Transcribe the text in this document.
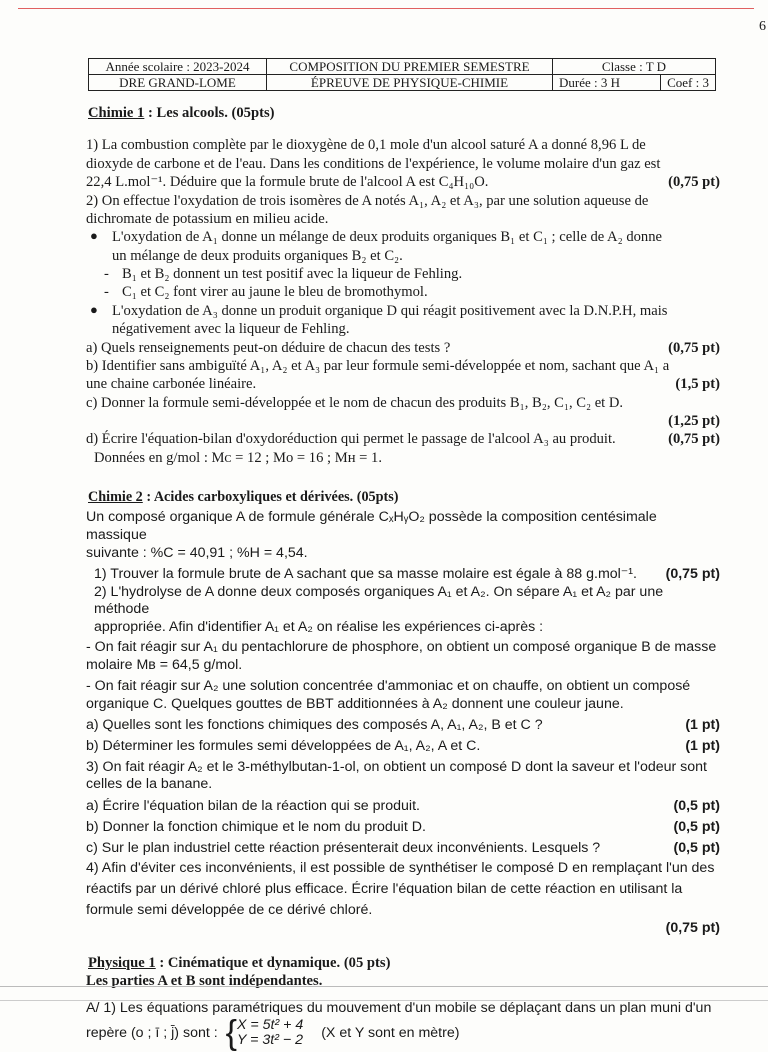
6
Année scolaire : 2023-2024	COMPOSITION DU PREMIER SEMESTRE	Classe : T D
DRE GRAND-LOME	ÉPREUVE DE PHYSIQUE-CHIMIE	Durée : 3 H Coef : 3
Chimie 1 : Les alcools. (05pts)

1) La combustion complète par le dioxygène de 0,1 mole d'un alcool saturé A a donné 8,96 L de

dioxyde de carbone et de l'eau. Dans les conditions de l'expérience, le volume molaire d'un gaz est

22,4 L.mol⁻¹. Déduire que la formule brute de l'alcool A est C₄H₁₀O.	(0,75 pt)

2) On effectue l'oxydation de trois isomères de A notés A₁, A₂ et A₃, par une solution aqueuse de

dichromate de potassium en milieu acide.

● L'oxydation de A₁ donne un mélange de deux produits organiques B₁ et C₁ ; celle de A₂ donne
un mélange de deux produits organiques B₂ et C₂.
- B₁ et B₂ donnent un test positif avec la liqueur de Fehling.
- C₁ et C₂ font virer au jaune le bleu de bromothymol.
● L'oxydation de A₃ donne un produit organique D qui réagit positivement avec la D.N.P.H, mais
négativement avec la liqueur de Fehling.
a) Quels renseignements peut-on déduire de chacun des tests ?	(0,75 pt)

b) Identifier sans ambiguïté A₁, A₂ et A₃ par leur formule semi-développée et nom, sachant que A₁ a

une chaine carbonée linéaire.	(1,5 pt)

c) Donner la formule semi-développée et le nom de chacun des produits B₁, B₂, C₁, C₂ et D.

(1,25 pt)
d) Écrire l'équation-bilan d'oxydoréduction qui permet le passage de l'alcool A₃ au produit.	(0,75 pt)

Données en g/mol : Mᴄ = 12 ; Mᴏ = 16 ; Mʜ = 1.

Chimie 2 : Acides carboxyliques et dérivées. (05pts)

Un composé organique A de formule générale CₓHᵧO₂ possède la composition centésimale massique

suivante : %C = 40,91 ; %H = 4,54.

1) Trouver la formule brute de A sachant que sa masse molaire est égale à 88 g.mol⁻¹. (0,75 pt)

2) L'hydrolyse de A donne deux composés organiques A₁ et A₂. On sépare A₁ et A₂ par une méthode

appropriée. Afin d'identifier A₁ et A₂ on réalise les expériences ci-après :

- On fait réagir sur A₁ du pentachlorure de phosphore, on obtient un composé organique B de masse

molaire Mʙ = 64,5 g/mol.

- On fait réagir sur A₂ une solution concentrée d'ammoniac et on chauffe, on obtient un composé

organique C. Quelques gouttes de BBT additionnées à A₂ donnent une couleur jaune.

a) Quelles sont les fonctions chimiques des composés A, A₁, A₂, B et C ?	(1 pt)
b) Déterminer les formules semi développées de A₁, A₂, A et C.	(1 pt)

3) On fait réagir A₂ et le 3-méthylbutan-1-ol, on obtient un composé D dont la saveur et l'odeur sont

celles de la banane.

a) Écrire l'équation bilan de la réaction qui se produit.	(0,5 pt)
b) Donner la fonction chimique et le nom du produit D.	(0,5 pt)
c) Sur le plan industriel cette réaction présenterait deux inconvénients. Lesquels ?	(0,5 pt)

4) Afin d'éviter ces inconvénients, il est possible de synthétiser le composé D en remplaçant l'un des

réactifs par un dérivé chloré plus efficace. Écrire l'équation bilan de cette réaction en utilisant la

formule semi développée de ce dérivé chloré.

(0,75 pt)
Physique 1 : Cinématique et dynamique. (05 pts)

Les parties A et B sont indépendantes.

A/ 1) Les équations paramétriques du mouvement d'un mobile se déplaçant dans un plan muni d'un

repère (o ; ī ; j̄) sont : { X = 5t² + 4
Y = 3t² − 2 (X et Y sont en mètre)
